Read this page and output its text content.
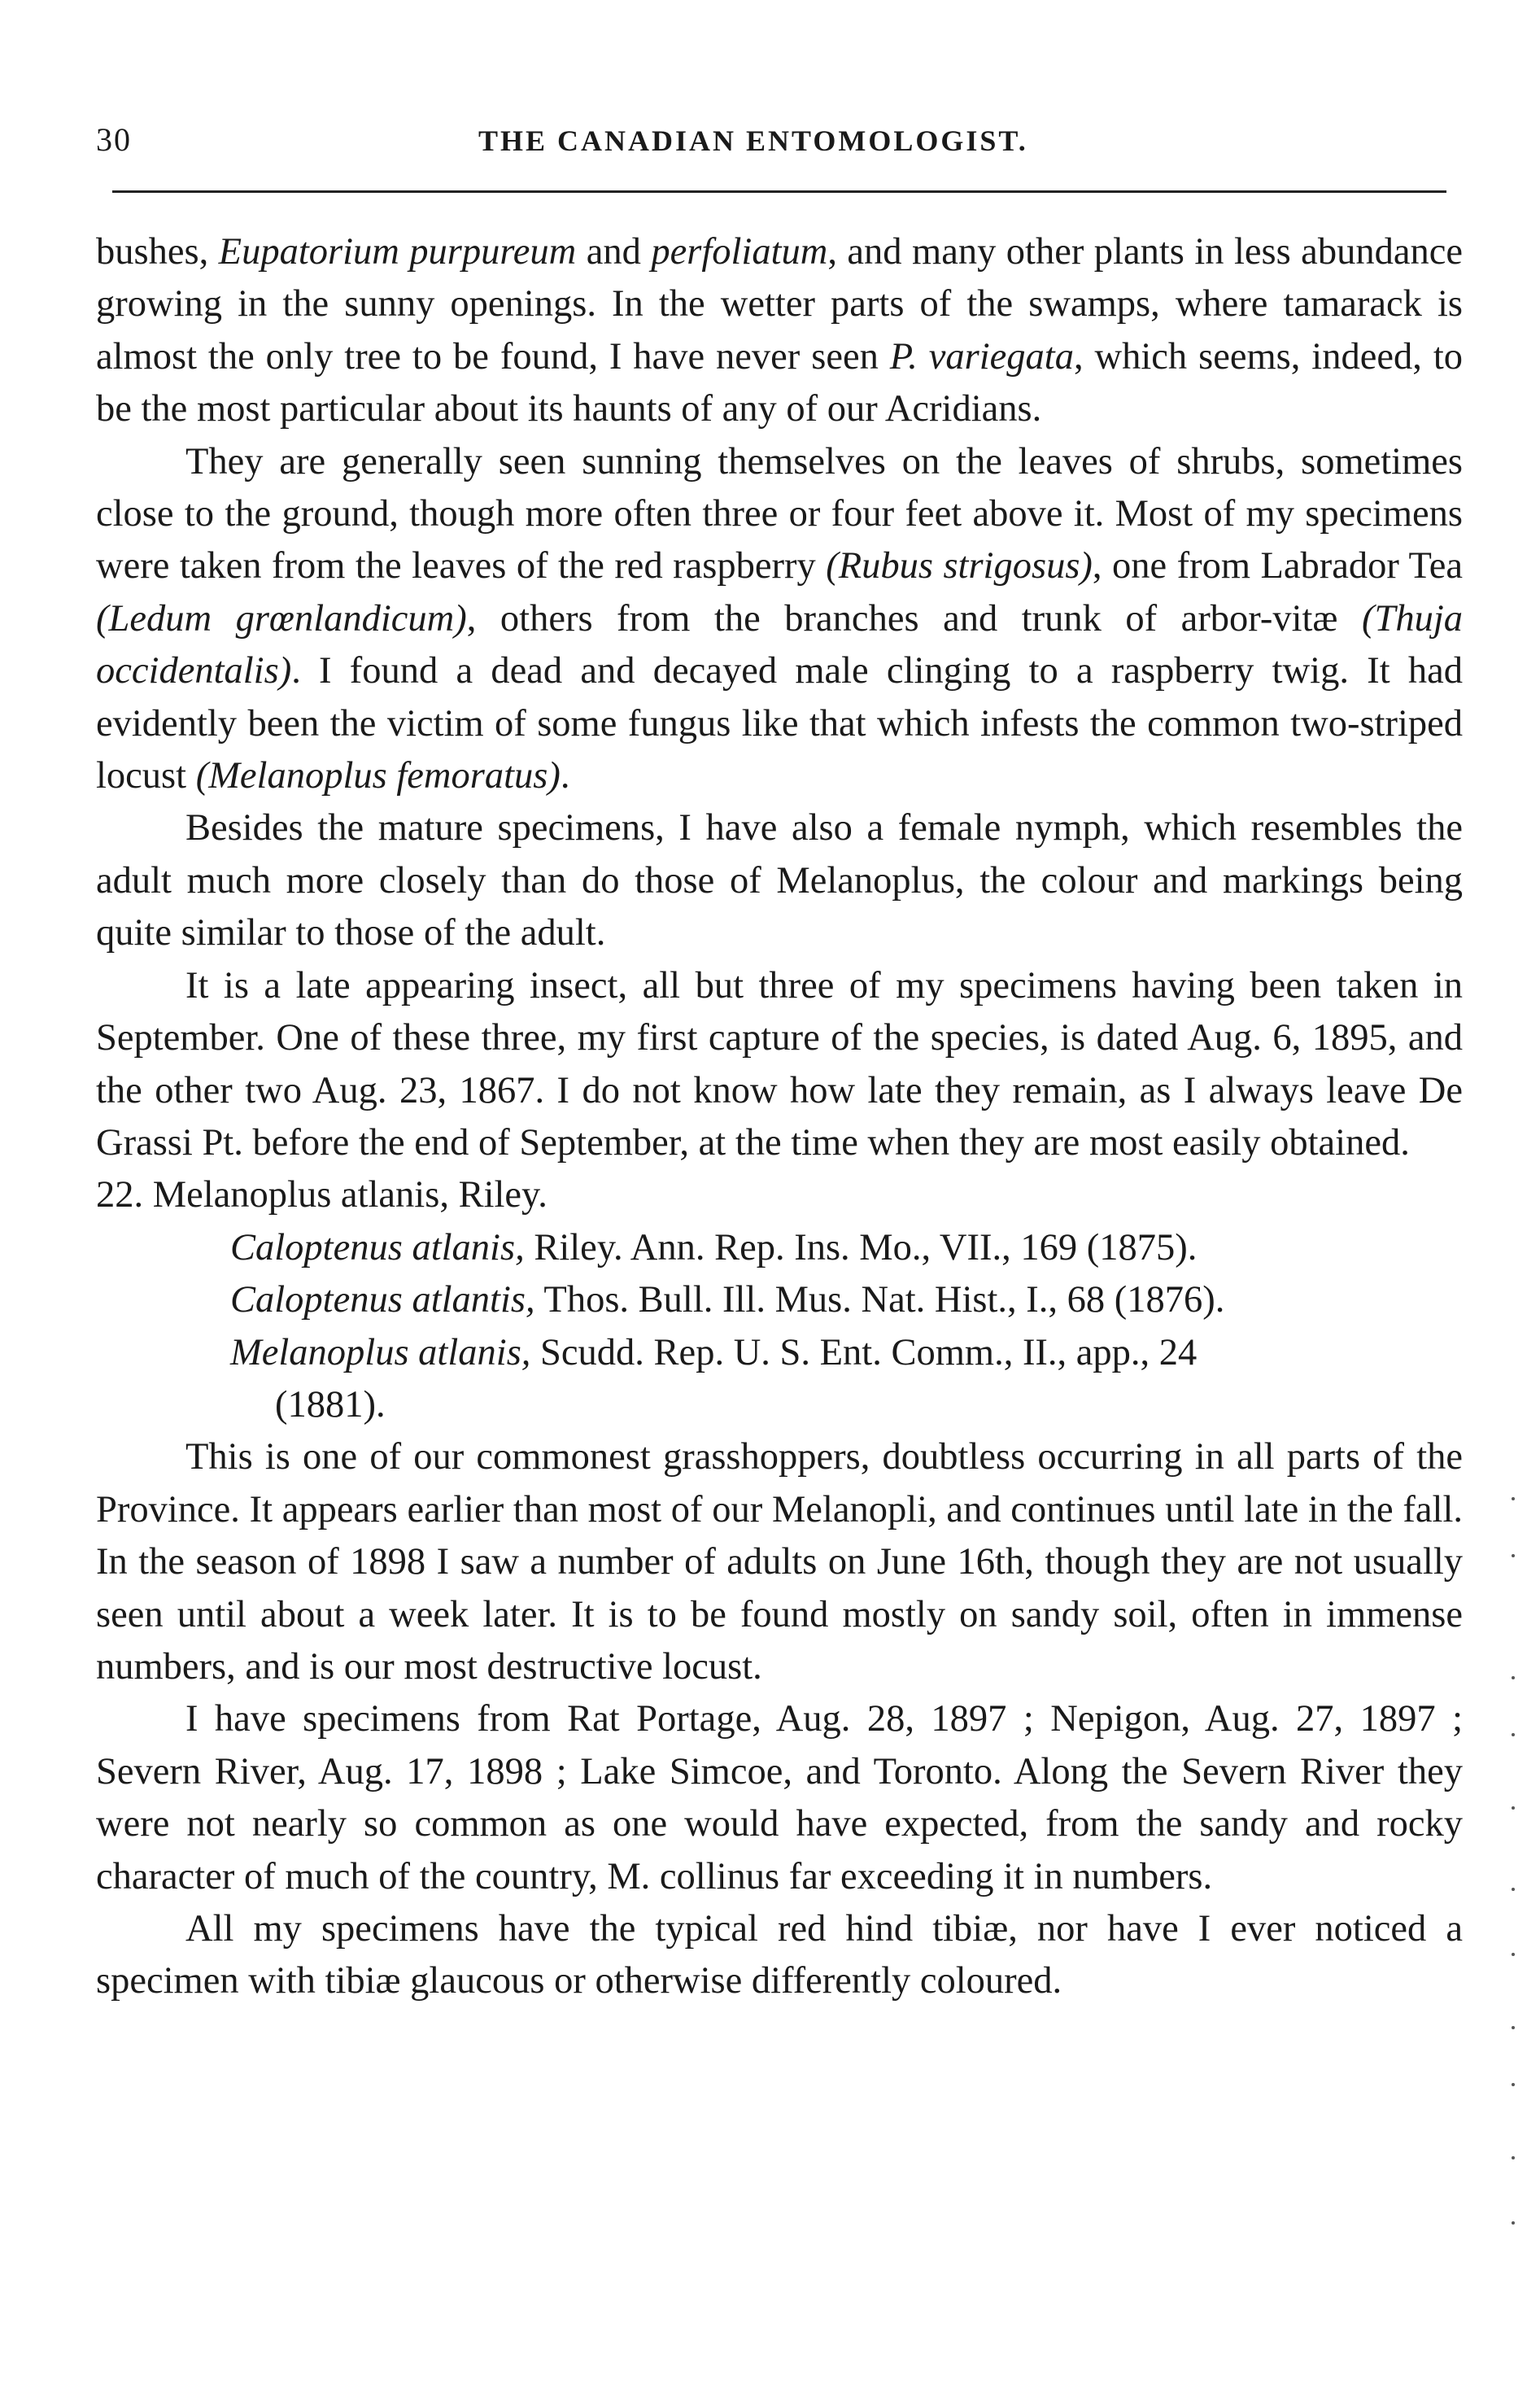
30	THE CANADIAN ENTOMOLOGIST.

bushes, Eupatorium purpureum and perfoliatum, and many other plants in less abundance growing in the sunny openings. In the wetter parts of the swamps, where tamarack is almost the only tree to be found, I have never seen P. variegata, which seems, indeed, to be the most particular about its haunts of any of our Acridians.

They are generally seen sunning themselves on the leaves of shrubs, sometimes close to the ground, though more often three or four feet above it. Most of my specimens were taken from the leaves of the red raspberry (Rubus strigosus), one from Labrador Tea (Ledum grœnlandicum), others from the branches and trunk of arbor-vitæ (Thuja occidentalis). I found a dead and decayed male clinging to a raspberry twig. It had evidently been the victim of some fungus like that which infests the common two-striped locust (Melanoplus femoratus).

Besides the mature specimens, I have also a female nymph, which resembles the adult much more closely than do those of Melanoplus, the colour and markings being quite similar to those of the adult.

It is a late appearing insect, all but three of my specimens having been taken in September. One of these three, my first capture of the species, is dated Aug. 6, 1895, and the other two Aug. 23, 1867. I do not know how late they remain, as I always leave De Grassi Pt. before the end of September, at the time when they are most easily obtained.

22. Melanoplus atlanis, Riley.

Caloptenus atlanis, Riley. Ann. Rep. Ins. Mo., VII., 169 (1875).

Caloptenus atlantis, Thos. Bull. Ill. Mus. Nat. Hist., I., 68 (1876).

Melanoplus atlanis, Scudd. Rep. U. S. Ent. Comm., II., app., 24

(1881).

This is one of our commonest grasshoppers, doubtless occurring in all parts of the Province. It appears earlier than most of our Melanopli, and continues until late in the fall. In the season of 1898 I saw a number of adults on June 16th, though they are not usually seen until about a week later. It is to be found mostly on sandy soil, often in immense numbers, and is our most destructive locust.

I have specimens from Rat Portage, Aug. 28, 1897 ; Nepigon, Aug. 27, 1897 ; Severn River, Aug. 17, 1898 ; Lake Simcoe, and Toronto. Along the Severn River they were not nearly so common as one would have expected, from the sandy and rocky character of much of the country, M. collinus far exceeding it in numbers.

All my specimens have the typical red hind tibiæ, nor have I ever noticed a specimen with tibiæ glaucous or otherwise differently coloured.
